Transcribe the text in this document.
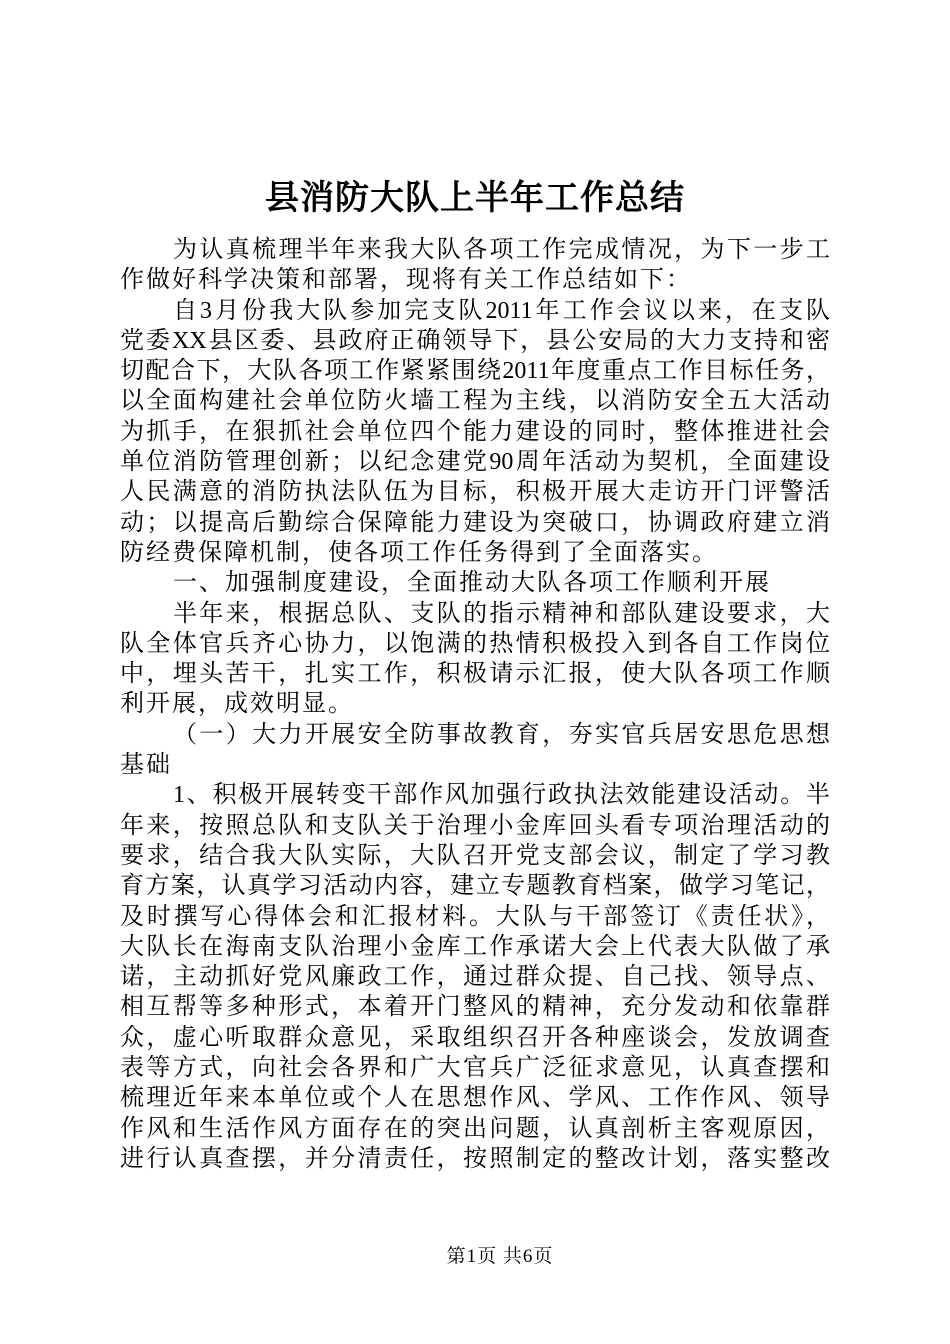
县消防大队上半年工作总结
为认真梳理半年来我大队各项工作完成情况，为下一步工
作做好科学决策和部署，现将有关工作总结如下：
自3月份我大队参加完支队2011年工作会议以来，在支队
党委XX县区委、县政府正确领导下，县公安局的大力支持和密
切配合下，大队各项工作紧紧围绕2011年度重点工作目标任务，
以全面构建社会单位防火墙工程为主线，以消防安全五大活动
为抓手，在狠抓社会单位四个能力建设的同时，整体推进社会
单位消防管理创新；以纪念建党90周年活动为契机，全面建设
人民满意的消防执法队伍为目标，积极开展大走访开门评警活
动；以提高后勤综合保障能力建设为突破口，协调政府建立消
防经费保障机制，使各项工作任务得到了全面落实。
一、加强制度建设，全面推动大队各项工作顺利开展
半年来，根据总队、支队的指示精神和部队建设要求，大
队全体官兵齐心协力，以饱满的热情积极投入到各自工作岗位
中，埋头苦干，扎实工作，积极请示汇报，使大队各项工作顺
利开展，成效明显。
（一）大力开展安全防事故教育，夯实官兵居安思危思想
基础
1、积极开展转变干部作风加强行政执法效能建设活动。半
年来，按照总队和支队关于治理小金库回头看专项治理活动的
要求，结合我大队实际，大队召开党支部会议，制定了学习教
育方案，认真学习活动内容，建立专题教育档案，做学习笔记，
及时撰写心得体会和汇报材料。大队与干部签订《责任状》，
大队长在海南支队治理小金库工作承诺大会上代表大队做了承
诺，主动抓好党风廉政工作，通过群众提、自己找、领导点、
相互帮等多种形式，本着开门整风的精神，充分发动和依靠群
众，虚心听取群众意见，采取组织召开各种座谈会，发放调查
表等方式，向社会各界和广大官兵广泛征求意见，认真查摆和
梳理近年来本单位或个人在思想作风、学风、工作作风、领导
作风和生活作风方面存在的突出问题，认真剖析主客观原因，
进行认真查摆，并分清责任，按照制定的整改计划，落实整改
第1页 共6页
